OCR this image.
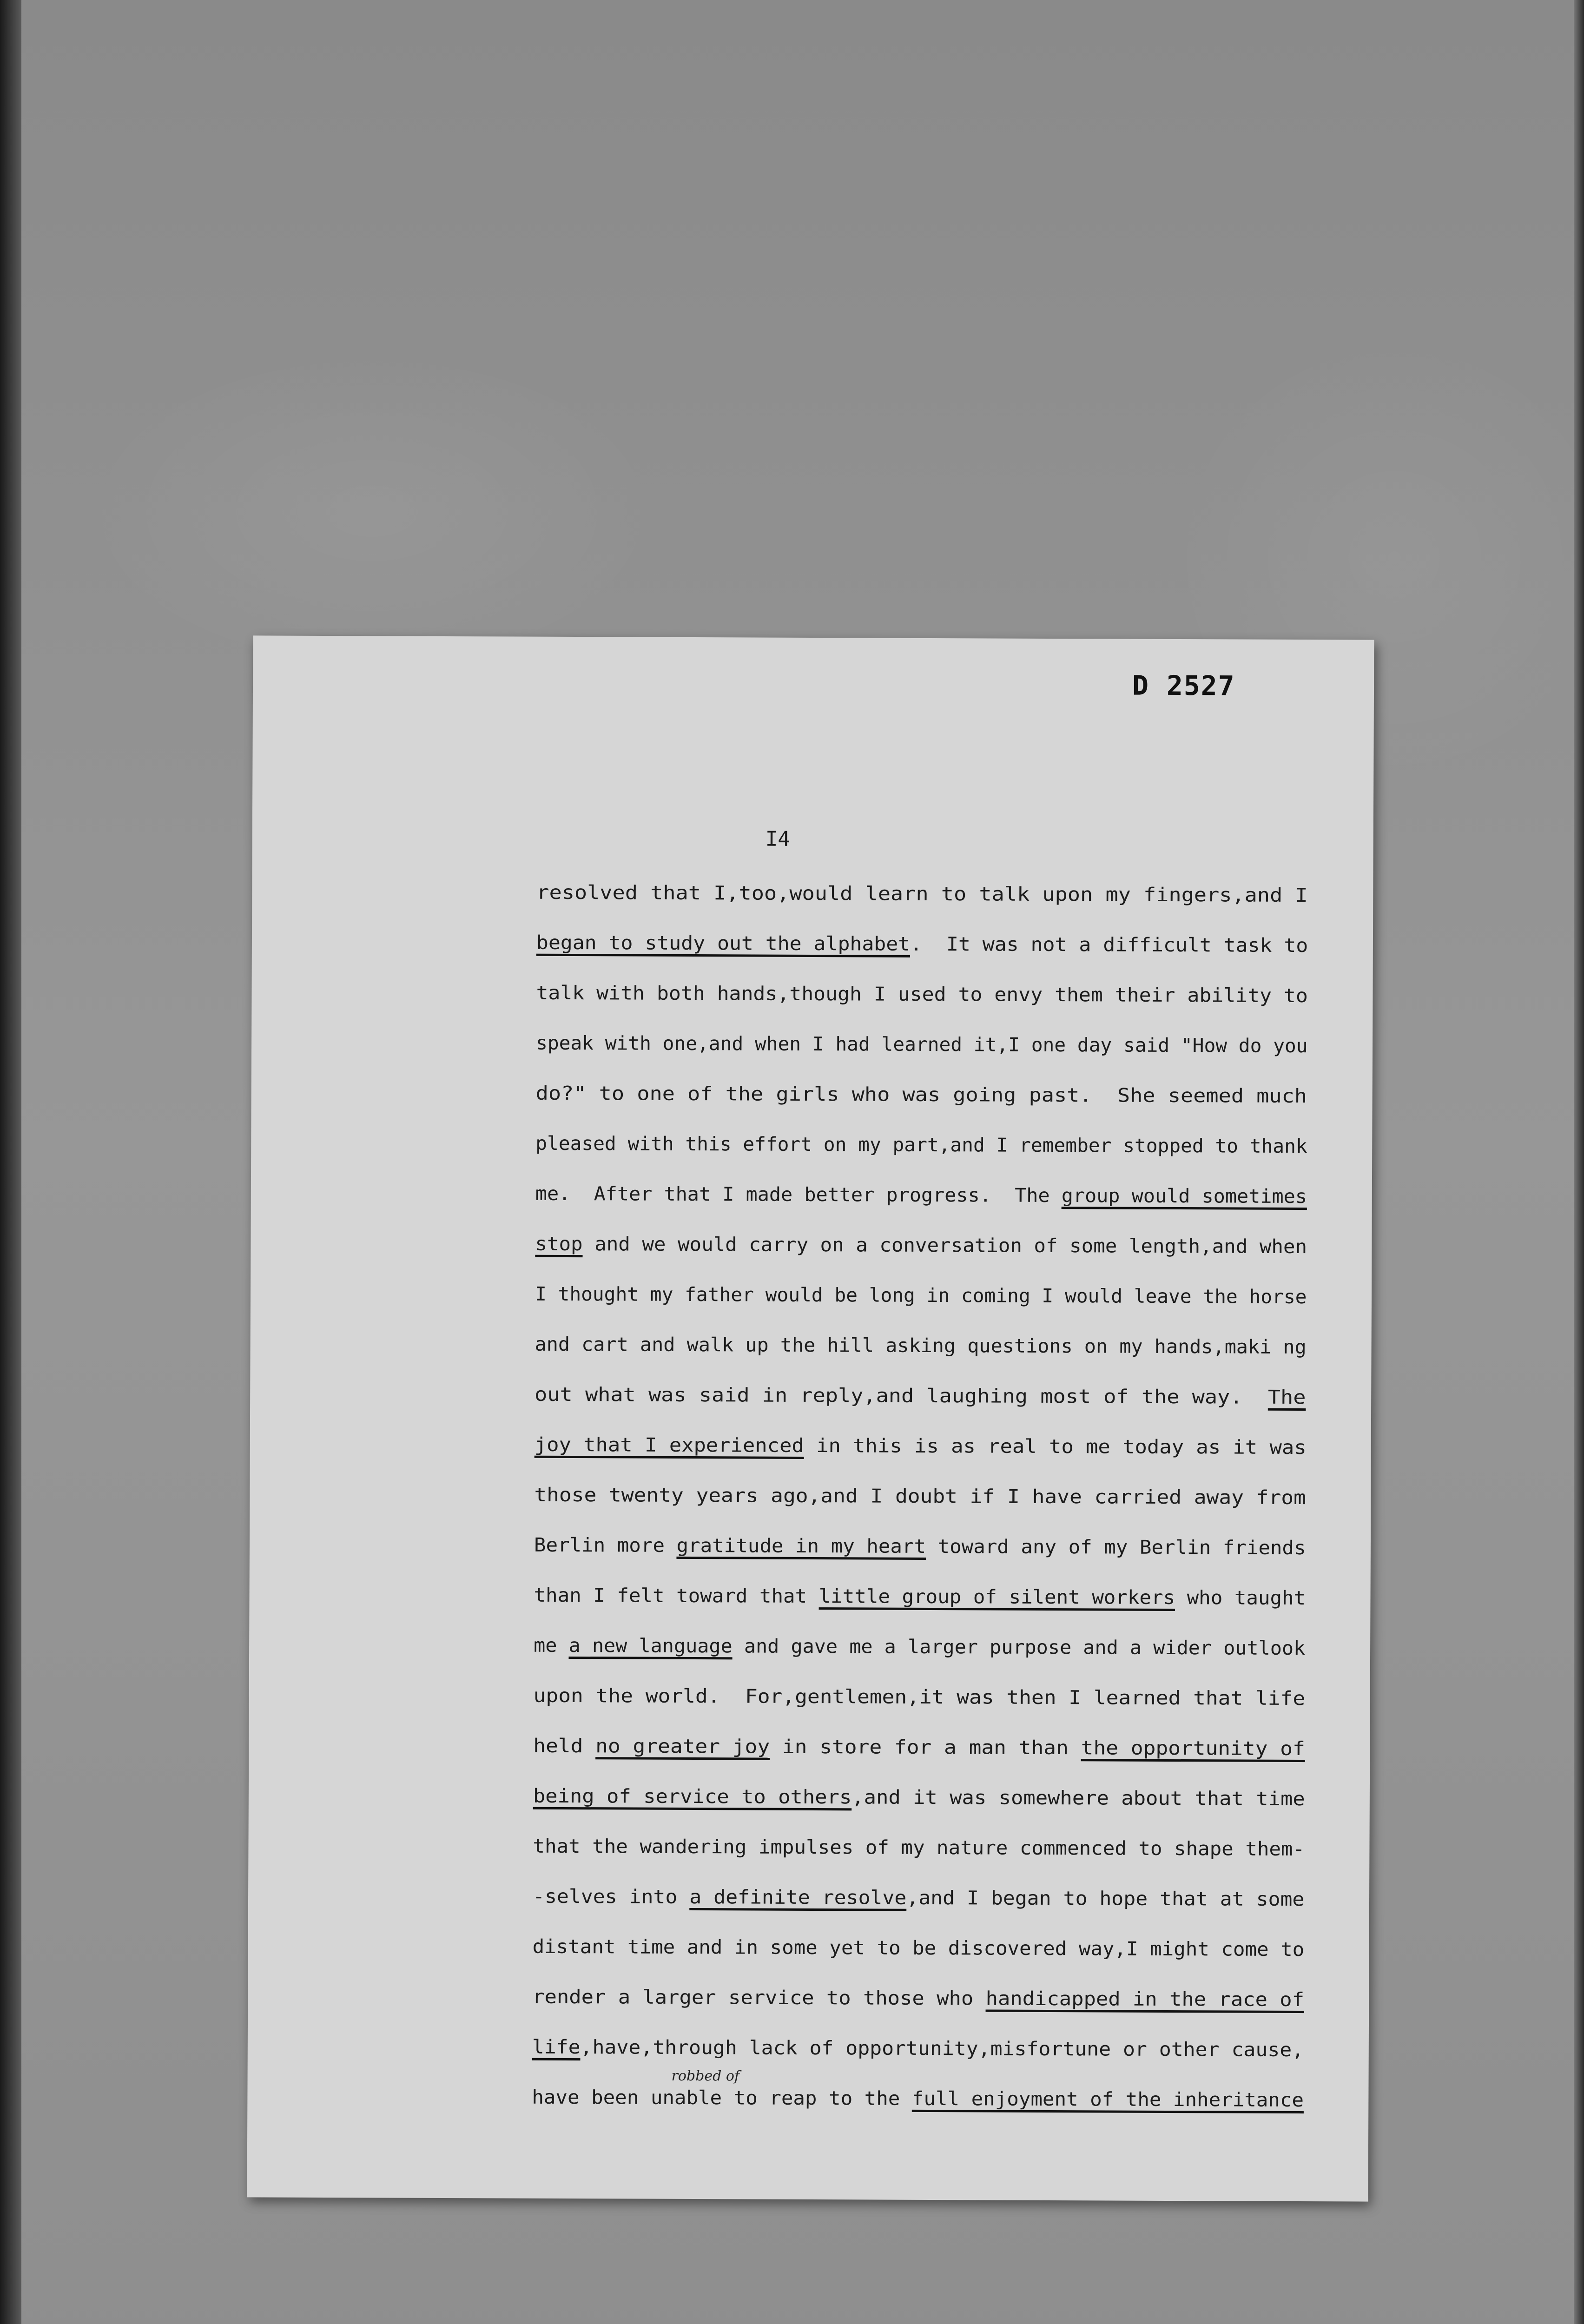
D 2527
I4
resolved that I,too,would learn to talk upon my fingers,and I
began to study out the alphabet.  It was not a difficult task to
talk with both hands,though I used to envy them their ability to
speak with one,and when I had learned it,I one day said "How do you
do?" to one of the girls who was going past.  She seemed much
pleased with this effort on my part,and I remember stopped to thank
me.  After that I made better progress.  The group would sometimes
stop and we would carry on a conversation of some length,and when
I thought my father would be long in coming I would leave the horse
and cart and walk up the hill asking questions on my hands,maki ng
out what was said in reply,and laughing most of the way.  The
joy that I experienced in this is as real to me today as it was
those twenty years ago,and I doubt if I have carried away from
Berlin more gratitude in my heart toward any of my Berlin friends
than I felt toward that little group of silent workers who taught
me a new language and gave me a larger purpose and a wider outlook
upon the world.  For,gentlemen,it was then I learned that life
held no greater joy in store for a man than the opportunity of
being of service to others,and it was somewhere about that time
that the wandering impulses of my nature commenced to shape them-
-selves into a definite resolve,and I began to hope that at some
distant time and in some yet to be discovered way,I might come to
render a larger service to those who handicapped in the race of
life,have,through lack of opportunity,misfortune or other cause,
have been unable to reap to the full enjoyment of the inheritance
robbed of
